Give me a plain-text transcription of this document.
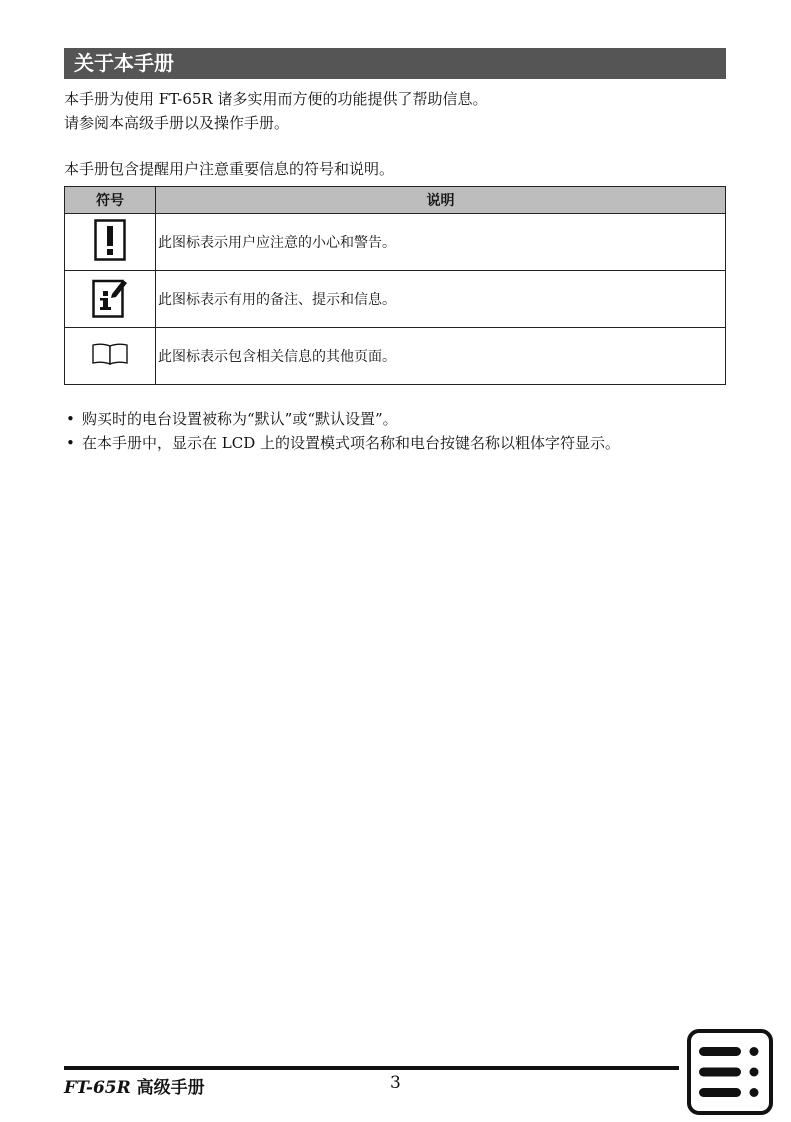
关于本手册
本手册为使用 FT-65R 诸多实用而方便的功能提供了帮助信息。
请参阅本高级手册以及操作手册。
本手册包含提醒用户注意重要信息的符号和说明。
符号	说明
	此图标表示用户应注意的小心和警告。
	此图标表示有用的备注、提示和信息。
	此图标表示包含相关信息的其他页面。
• 购买时的电台设置被称为“默认”或“默认设置”。
• 在本手册中，显示在 LCD 上的设置模式项名称和电台按键名称以粗体字符显示。
FT-65R 高级手册	3
